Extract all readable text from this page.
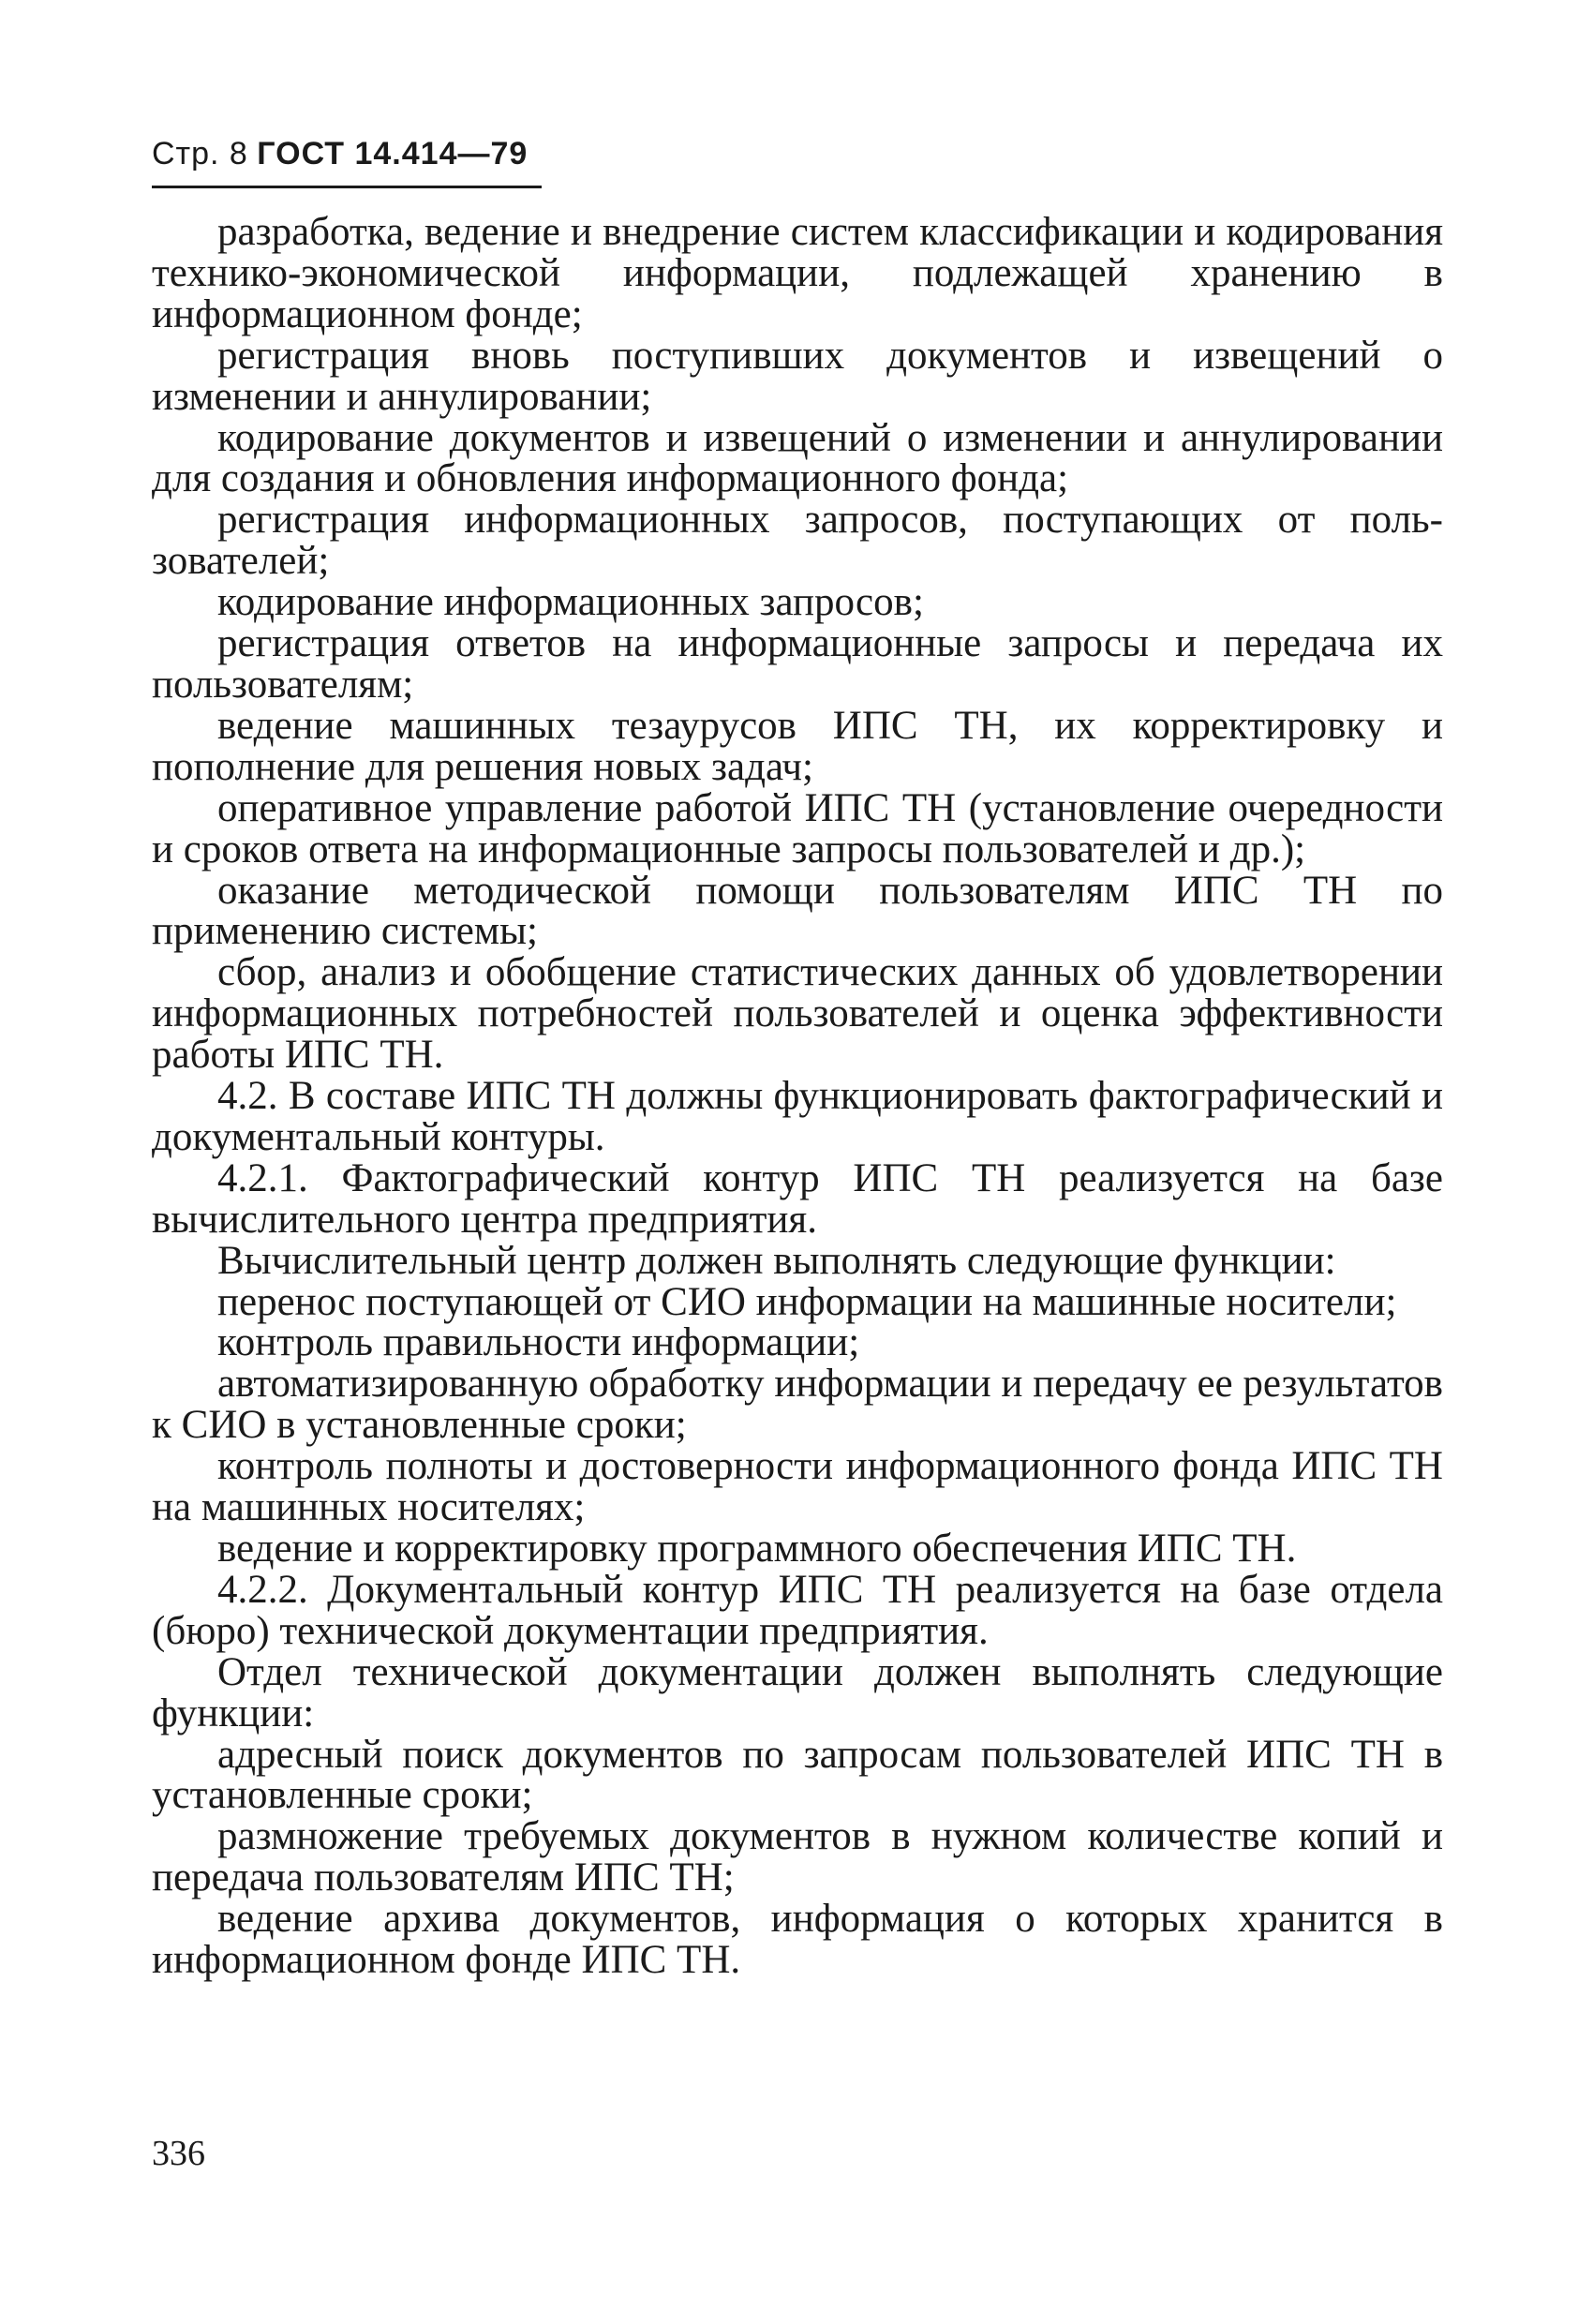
Стр. 8 ГОСТ 14.414—79

разработка, ведение и внедрение систем классификации и кодирования технико-экономической информации, подлежащей хранению в информационном фонде;

регистрация вновь поступивших документов и извещений о изменении и аннулировании;

кодирование документов и извещений о изменении и аннулировании для создания и обновления информационного фонда;

регистрация информационных запросов, поступающих от пользователей;

кодирование информационных запросов;

регистрация ответов на информационные запросы и передача их пользователям;

ведение машинных тезаурусов ИПС ТН, их корректировку и пополнение для решения новых задач;

оперативное управление работой ИПС ТН (установление очередности и сроков ответа на информационные запросы пользователей и др.);

оказание методической помощи пользователям ИПС ТН по применению системы;

сбор, анализ и обобщение статистических данных об удовлетворении информационных потребностей пользователей и оценка эффективности работы ИПС ТН.

4.2. В составе ИПС ТН должны функционировать фактографический и документальный контуры.

4.2.1. Фактографический контур ИПС ТН реализуется на базе вычислительного центра предприятия.

Вычислительный центр должен выполнять следующие функции:

перенос поступающей от СИО информации на машинные носители;

контроль правильности информации;

автоматизированную обработку информации и передачу ее результатов к СИО в установленные сроки;

контроль полноты и достоверности информационного фонда ИПС ТН на машинных носителях;

ведение и корректировку программного обеспечения ИПС ТН.

4.2.2. Документальный контур ИПС ТН реализуется на базе отдела (бюро) технической документации предприятия.

Отдел технической документации должен выполнять следующие функции:

адресный поиск документов по запросам пользователей ИПС ТН в установленные сроки;

размножение требуемых документов в нужном количестве копий и передача пользователям ИПС ТН;

ведение архива документов, информация о которых хранится в информационном фонде ИПС ТН.

336
